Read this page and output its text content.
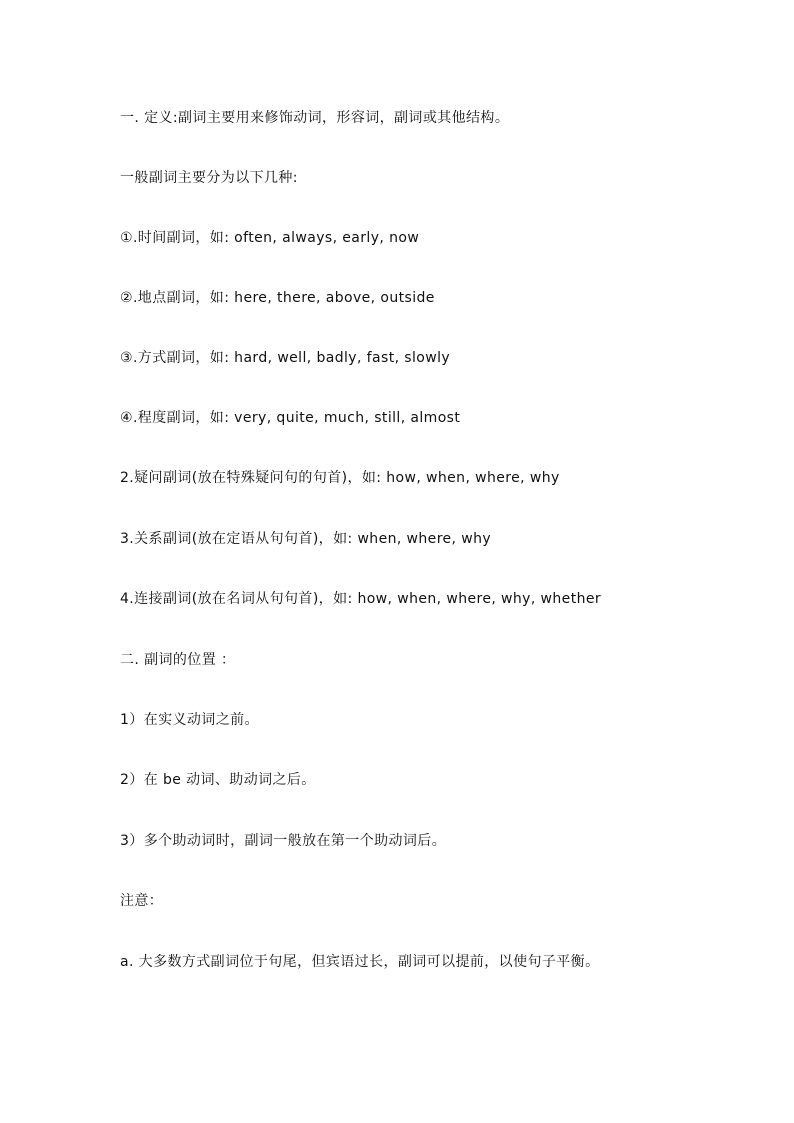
一. 定义:副词主要用来修饰动词，形容词，副词或其他结构。
一般副词主要分为以下几种:
①.时间副词，如: often, always, early, now
②.地点副词，如: here, there, above, outside
③.方式副词，如: hard, well, badly, fast, slowly
④.程度副词，如: very, quite, much, still, almost
2.疑问副词(放在特殊疑问句的句首)，如: how, when, where, why
3.关系副词(放在定语从句句首)，如: when, where, why
4.连接副词(放在名词从句句首)，如: how, when, where, why, whether
二. 副词的位置 ：
1）在实义动词之前。
2）在 be 动词、助动词之后。
3）多个助动词时，副词一般放在第一个助动词后。
注意：
a. 大多数方式副词位于句尾，但宾语过长，副词可以提前，以使句子平衡。
